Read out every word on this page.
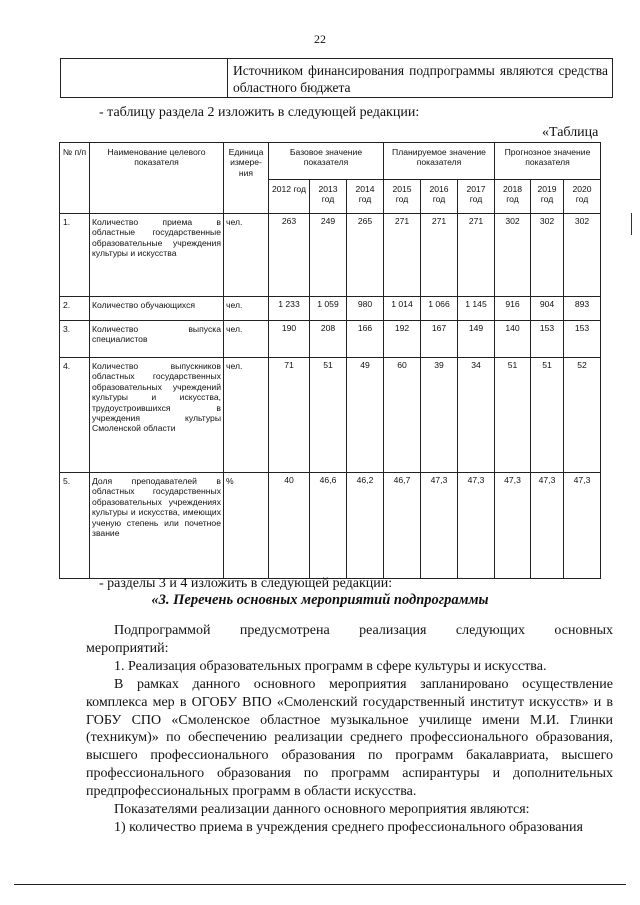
22
Источником финансирования подпрограммы являются средства областного бюджета
- таблицу раздела 2 изложить в следующей редакции:
«Таблица
№ п/п	Наименование целевого показателя	Единица измере-ния	Базовое значение показателя			Планируемое значение показателя			Прогнозное значение показателя		
			2012 год	2013 год	2014 год	2015 год	2016 год	2017 год	2018 год	2019 год	2020 год
1.	Количество приема в областные государственные образовательные учреждения культуры и искусства	чел.	263	249	265	271	271	271	302	302	302
2.	Количество обучающихся	чел.	1 233	1 059	980	1 014	1 066	1 145	916	904	893
3.	Количество выпуска специалистов	чел.	190	208	166	192	167	149	140	153	153
4.	Количество выпускников областных государственных образовательных учреждений культуры и искусства, трудоустроившихся в учреждения культуры Смоленской области	чел.	71	51	49	60	39	34	51	51	52
5.	Доля преподавателей в областных государственных образовательных учреждениях культуры и искусства, имеющих ученую степень или почетное звание	%	40	46,6	46,2	46,7	47,3	47,3	47,3	47,3	47,3
- разделы 3 и 4 изложить в следующей редакции:
«3. Перечень основных мероприятий подпрограммы
Подпрограммой предусмотрена реализация следующих основных
мероприятий:
1. Реализация образовательных программ в сфере культуры и искусства.
В рамках данного основного мероприятия запланировано осуществление
комплекса мер в ОГОБУ ВПО «Смоленский государственный институт искусств» и в ГОБУ СПО «Смоленское областное музыкальное училище имени М.И. Глинки (техникум)» по обеспечению реализации среднего профессионального образования, высшего профессионального образования по программ бакалавриата, высшего профессионального образования по программ аспирантуры и дополнительных предпрофессиональных программ в области искусства.
Показателями реализации данного основного мероприятия являются:
1) количество приема в учреждения среднего профессионального образования
